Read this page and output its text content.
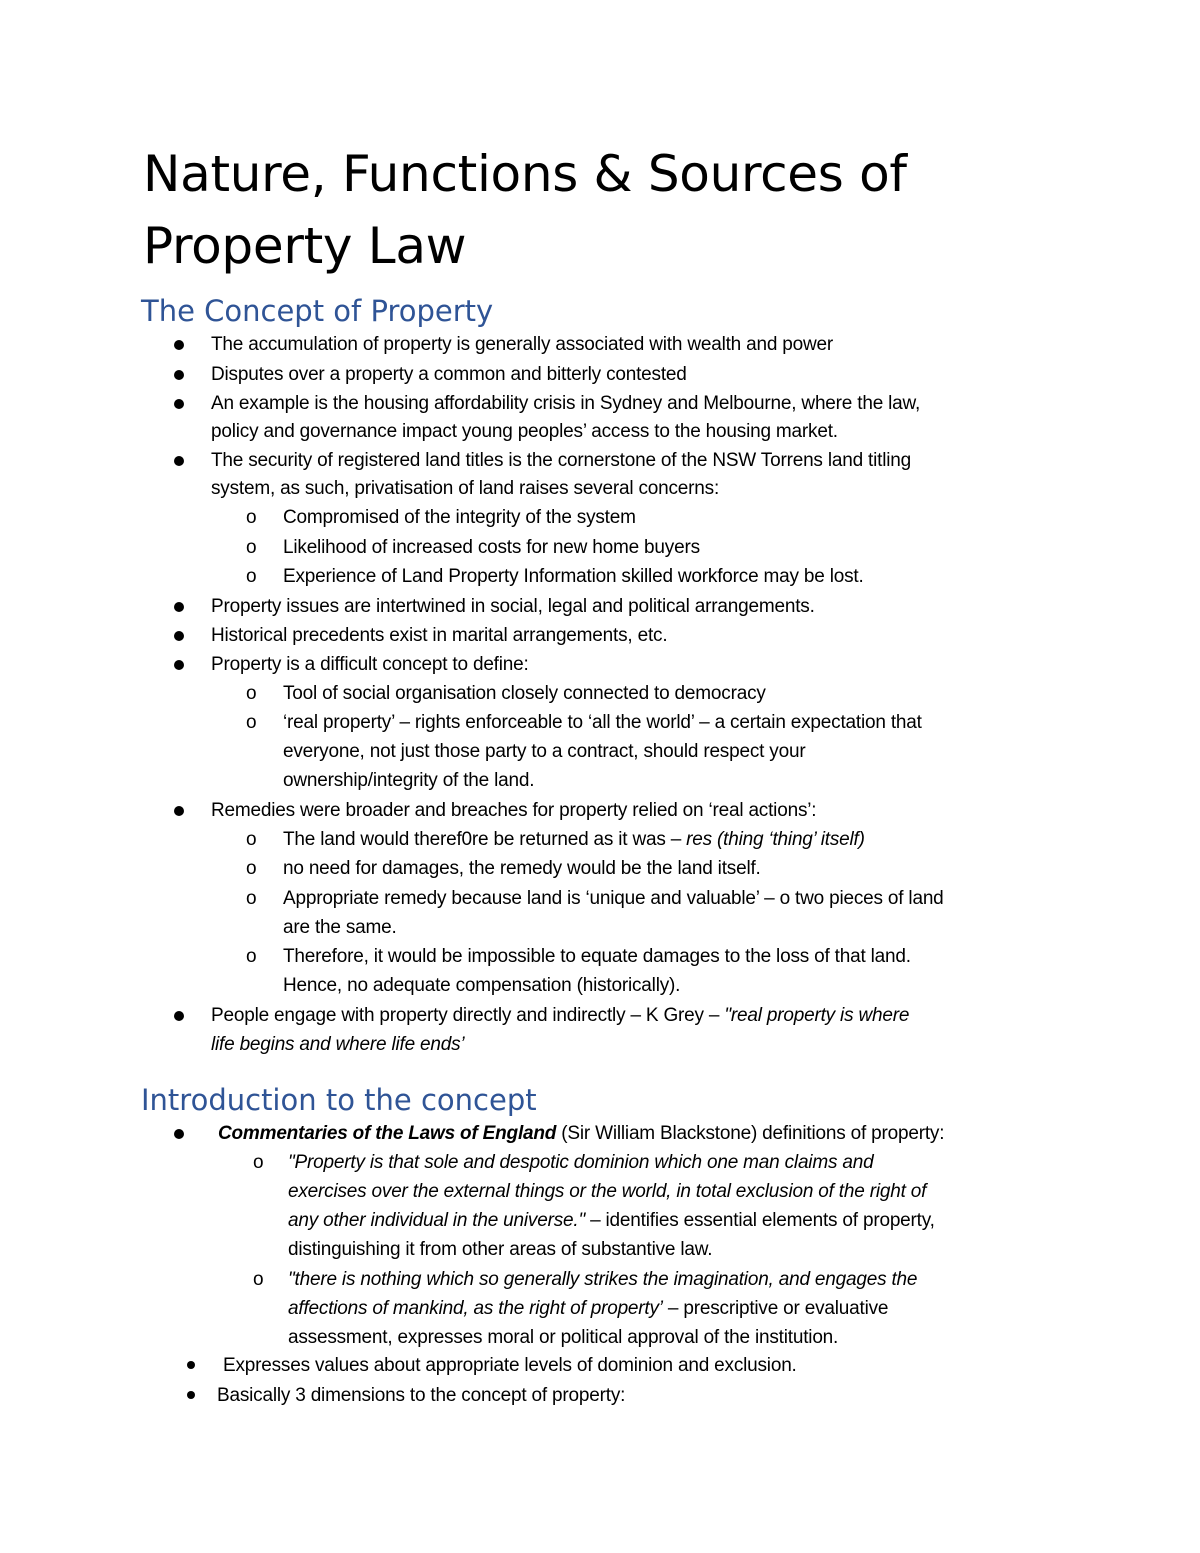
Nature, Functions & Sources of
Property Law
The Concept of Property
The accumulation of property is generally associated with wealth and power
Disputes over a property a common and bitterly contested
An example is the housing affordability crisis in Sydney and Melbourne, where the law,
policy and governance impact young peoples’ access to the housing market.
The security of registered land titles is the cornerstone of the NSW Torrens land titling
system, as such, privatisation of land raises several concerns:
o Compromised of the integrity of the system
o Likelihood of increased costs for new home buyers
o Experience of Land Property Information skilled workforce may be lost.
Property issues are intertwined in social, legal and political arrangements.
Historical precedents exist in marital arrangements, etc.
Property is a difficult concept to define:
o Tool of social organisation closely connected to democracy
o ‘real property’ – rights enforceable to ‘all the world’ – a certain expectation that
everyone, not just those party to a contract, should respect your
ownership/integrity of the land.
Remedies were broader and breaches for property relied on ‘real actions’:
o The land would theref0re be returned as it was – res (thing ‘thing’ itself)
o no need for damages, the remedy would be the land itself.
o Appropriate remedy because land is ‘unique and valuable’ – o two pieces of land
are the same.
o Therefore, it would be impossible to equate damages to the loss of that land.
Hence, no adequate compensation (historically).
People engage with property directly and indirectly – K Grey – "real property is where
life begins and where life ends’
Introduction to the concept
Commentaries of the Laws of England (Sir William Blackstone) definitions of property:
o "Property is that sole and despotic dominion which one man claims and
exercises over the external things or the world, in total exclusion of the right of
any other individual in the universe." – identifies essential elements of property,
distinguishing it from other areas of substantive law.
o "there is nothing which so generally strikes the imagination, and engages the
affections of mankind, as the right of property’ – prescriptive or evaluative
assessment, expresses moral or political approval of the institution.
Expresses values about appropriate levels of dominion and exclusion.
Basically 3 dimensions to the concept of property:
